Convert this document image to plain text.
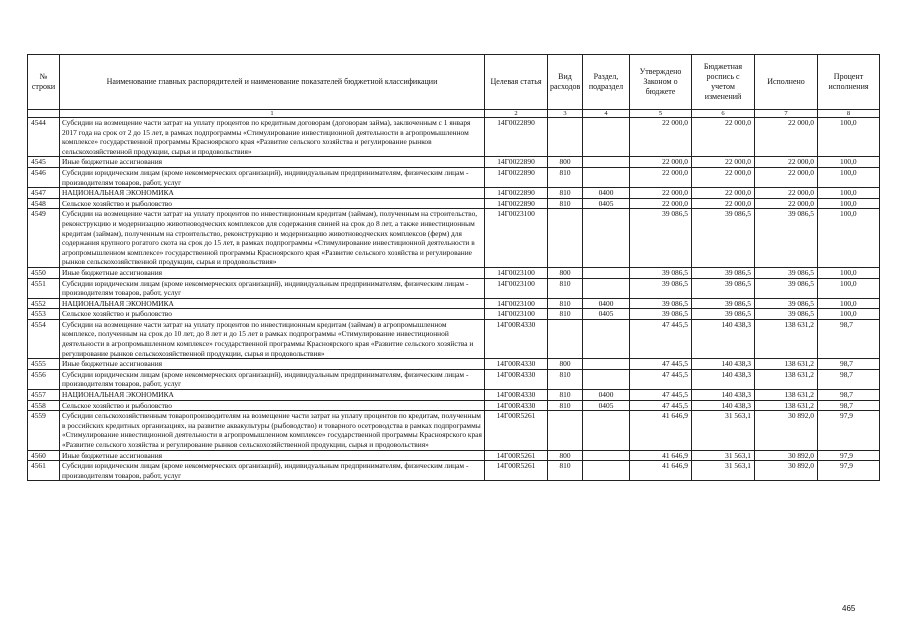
№ строки	Наименование главных распорядителей и наименование показателей бюджетной классификации	Целевая статья	Вид расходов	Раздел, подраздел	Утверждено Законом о бюджете	Бюджетная роспись с учетом изменений	Исполнено	Процент исполнения
	1	2	3	4	5	6	7	8
4544	Субсидии на возмещение части затрат на уплату процентов по кредитным договорам (договорам займа), заключенным с 1 января 2017 года на срок от 2 до 15 лет, в рамках подпрограммы «Стимулирование инвестиционной деятельности в агропромышленном комплексе» государственной программы Красноярского края «Развитие сельского хозяйства и регулирование рынков сельскохозяйственной продукции, сырья и продовольствия»	14Г0022890			22 000,0	22 000,0	22 000,0	100,0
4545	Иные бюджетные ассигнования	14Г0022890	800		22 000,0	22 000,0	22 000,0	100,0
4546	Субсидии юридическим лицам (кроме некоммерческих организаций), индивидуальным предпринимателям, физическим лицам - производителям товаров, работ, услуг	14Г0022890	810		22 000,0	22 000,0	22 000,0	100,0
4547	НАЦИОНАЛЬНАЯ ЭКОНОМИКА	14Г0022890	810	0400	22 000,0	22 000,0	22 000,0	100,0
4548	Сельское хозяйство и рыболовство	14Г0022890	810	0405	22 000,0	22 000,0	22 000,0	100,0
4549	Субсидии на возмещение части затрат на уплату процентов по инвестиционным кредитам (займам), полученным на строительство, реконструкцию и модернизацию животноводческих комплексов для содержания свиней на срок до 8 лет, а также инвестиционным кредитам (займам), полученным на строительство, реконструкцию и модернизацию животноводческих комплексов (ферм) для содержания крупного рогатого скота на срок до 15 лет, в рамках подпрограммы «Стимулирование инвестиционной деятельности в агропромышленном комплексе» государственной программы Красноярского края «Развитие сельского хозяйства и регулирование рынков сельскохозяйственной продукции, сырья и продовольствия»	14Г0023100			39 086,5	39 086,5	39 086,5	100,0
4550	Иные бюджетные ассигнования	14Г0023100	800		39 086,5	39 086,5	39 086,5	100,0
4551	Субсидии юридическим лицам (кроме некоммерческих организаций), индивидуальным предпринимателям, физическим лицам - производителям товаров, работ, услуг	14Г0023100	810		39 086,5	39 086,5	39 086,5	100,0
4552	НАЦИОНАЛЬНАЯ ЭКОНОМИКА	14Г0023100	810	0400	39 086,5	39 086,5	39 086,5	100,0
4553	Сельское хозяйство и рыболовство	14Г0023100	810	0405	39 086,5	39 086,5	39 086,5	100,0
4554	Субсидии на возмещение части затрат на уплату процентов по инвестиционным кредитам (займам) в агропромышленном комплексе, полученным на срок до 10 лет, до 8 лет и до 15 лет в рамках подпрограммы «Стимулирование инвестиционной деятельности в агропромышленном комплексе» государственной программы Красноярского края «Развитие сельского хозяйства и регулирование рынков сельскохозяйственной продукции, сырья и продовольствия»	14Г00R4330			47 445,5	140 438,3	138 631,2	98,7
4555	Иные бюджетные ассигнования	14Г00R4330	800		47 445,5	140 438,3	138 631,2	98,7
4556	Субсидии юридическим лицам (кроме некоммерческих организаций), индивидуальным предпринимателям, физическим лицам - производителям товаров, работ, услуг	14Г00R4330	810		47 445,5	140 438,3	138 631,2	98,7
4557	НАЦИОНАЛЬНАЯ ЭКОНОМИКА	14Г00R4330	810	0400	47 445,5	140 438,3	138 631,2	98,7
4558	Сельское хозяйство и рыболовство	14Г00R4330	810	0405	47 445,5	140 438,3	138 631,2	98,7
4559	Субсидии сельскохозяйственным товаропроизводителям на возмещение части затрат на уплату процентов по кредитам, полученным в российских кредитных организациях, на развитие аквакультуры (рыбоводство) и товарного осетроводства в рамках подпрограммы «Стимулирование инвестиционной деятельности в агропромышленном комплексе» государственной программы Красноярского края «Развитие сельского хозяйства и регулирование рынков сельскохозяйственной продукции, сырья и продовольствия»	14Г00R5261			41 646,9	31 563,1	30 892,0	97,9
4560	Иные бюджетные ассигнования	14Г00R5261	800		41 646,9	31 563,1	30 892,0	97,9
4561	Субсидии юридическим лицам (кроме некоммерческих организаций), индивидуальным предпринимателям, физическим лицам - производителям товаров, работ, услуг	14Г00R5261	810		41 646,9	31 563,1	30 892,0	97,9
465
